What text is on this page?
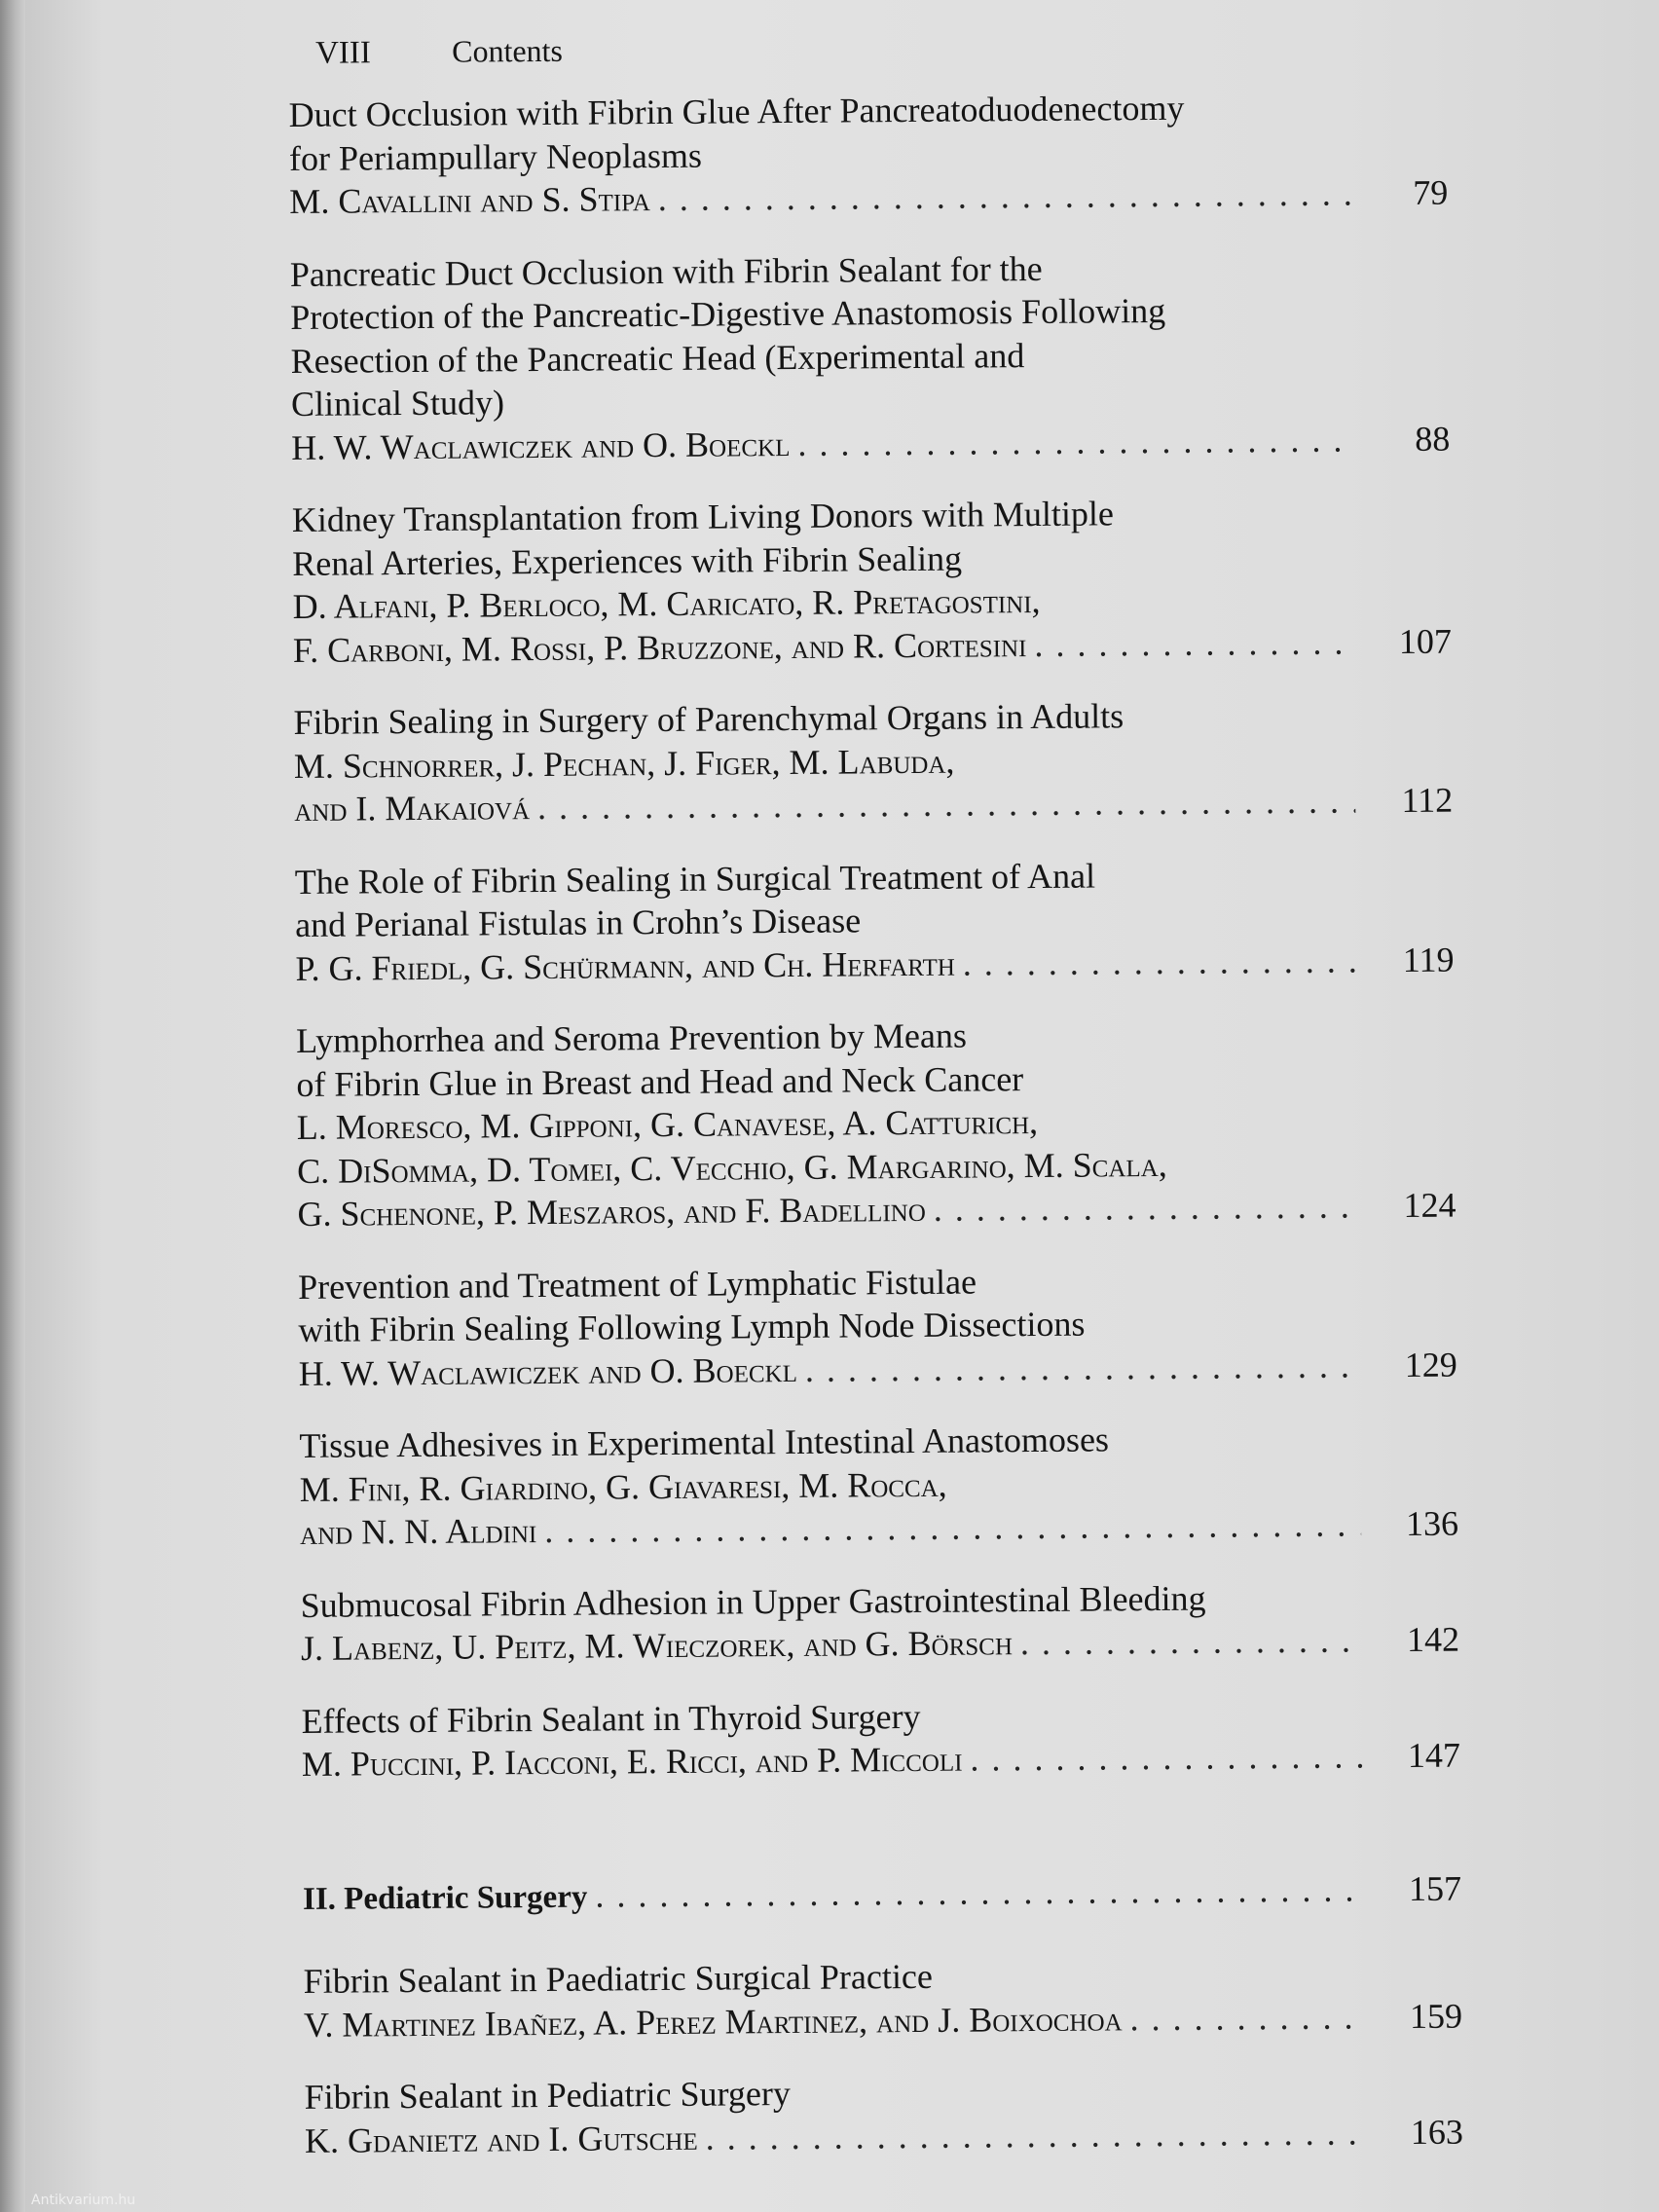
VIII	Contents
Duct Occlusion with Fibrin Glue After Pancreatoduodenectomy
for Periampullary Neoplasms
M. Cavallini and S. Stipa . . .	79
Pancreatic Duct Occlusion with Fibrin Sealant for the
Protection of the Pancreatic-Digestive Anastomosis Following
Resection of the Pancreatic Head (Experimental and
Clinical Study)
H. W. Waclawiczek and O. Boeckl . . .	88
Kidney Transplantation from Living Donors with Multiple
Renal Arteries, Experiences with Fibrin Sealing
D. Alfani, P. Berloco, M. Caricato, R. Pretagostini,
F. Carboni, M. Rossi, P. Bruzzone, and R. Cortesini . . .	107
Fibrin Sealing in Surgery of Parenchymal Organs in Adults
M. Schnorrer, J. Pechan, J. Figer, M. Labuda,
and I. Makaiová . . .	112
The Role of Fibrin Sealing in Surgical Treatment of Anal
and Perianal Fistulas in Crohn’s Disease
P. G. Friedl, G. Schürmann, and Ch. Herfarth . . .	119
Lymphorrhea and Seroma Prevention by Means
of Fibrin Glue in Breast and Head and Neck Cancer
L. Moresco, M. Gipponi, G. Canavese, A. Catturich,
C. DiSomma, D. Tomei, C. Vecchio, G. Margarino, M. Scala,
G. Schenone, P. Meszaros, and F. Badellino . . .	124
Prevention and Treatment of Lymphatic Fistulae
with Fibrin Sealing Following Lymph Node Dissections
H. W. Waclawiczek and O. Boeckl . . .	129
Tissue Adhesives in Experimental Intestinal Anastomoses
M. Fini, R. Giardino, G. Giavaresi, M. Rocca,
and N. N. Aldini . . .	136
Submucosal Fibrin Adhesion in Upper Gastrointestinal Bleeding
J. Labenz, U. Peitz, M. Wieczorek, and G. Börsch . . .	142
Effects of Fibrin Sealant in Thyroid Surgery
M. Puccini, P. Iacconi, E. Ricci, and P. Miccoli . . .	147
II. Pediatric Surgery . . .	157
Fibrin Sealant in Paediatric Surgical Practice
V. Martinez Ibañez, A. Perez Martinez, and J. Boixochoa . . .	159
Fibrin Sealant in Pediatric Surgery
K. Gdanietz and I. Gutsche . . .	163
Antikvarium.hu
